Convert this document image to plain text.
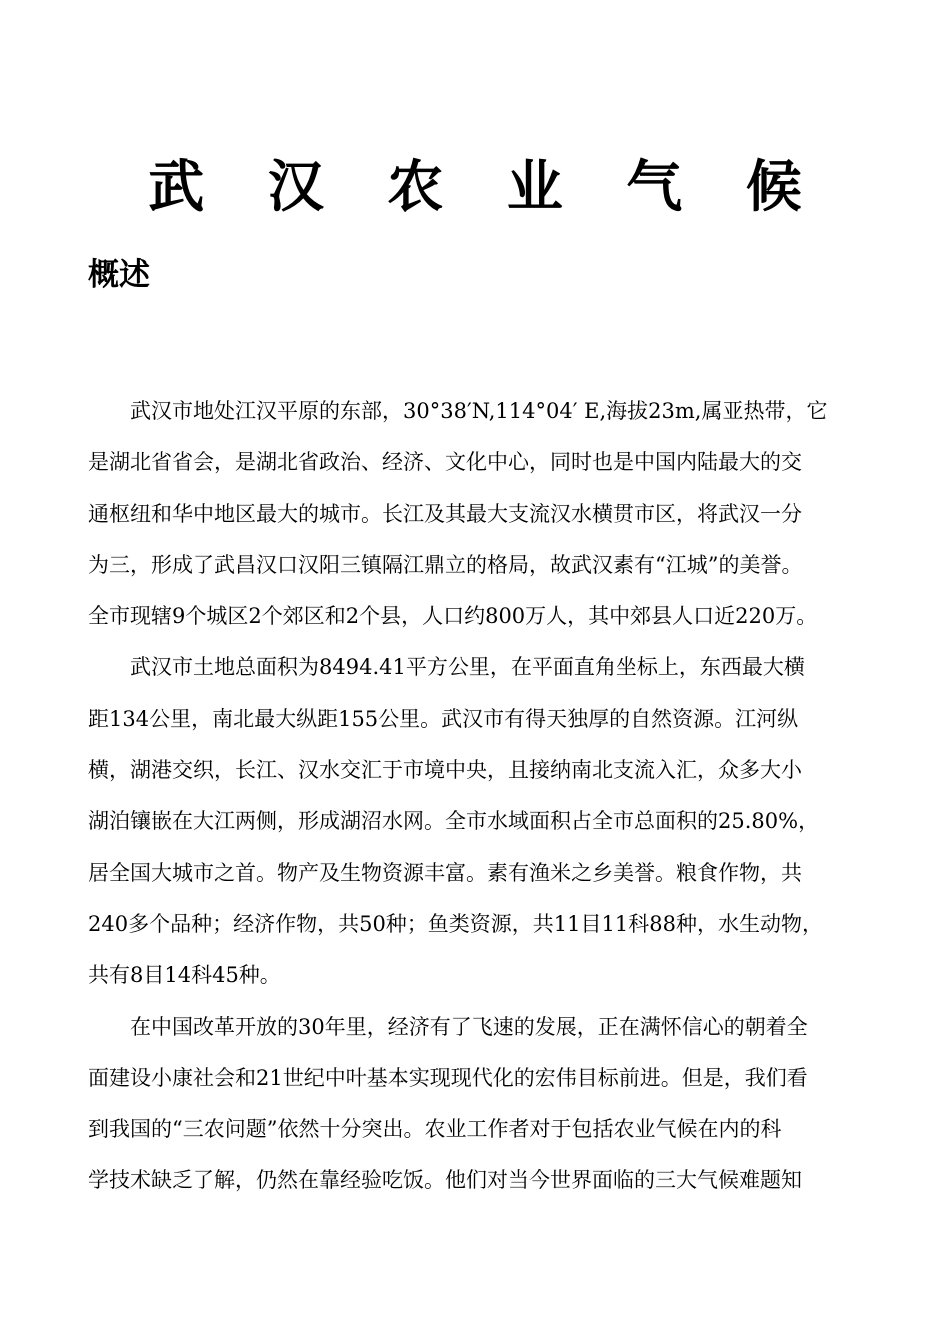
武 汉 农 业 气 候
概述
武汉市地处江汉平原的东部，30°38′N,114°04′ E,海拔23m,属亚热带，它
是湖北省省会，是湖北省政治、经济、文化中心，同时也是中国内陆最大的交
通枢纽和华中地区最大的城市。长江及其最大支流汉水横贯市区，将武汉一分
为三，形成了武昌汉口汉阳三镇隔江鼎立的格局，故武汉素有“江城”的美誉。
全市现辖9个城区2个郊区和2个县，人口约800万人，其中郊县人口近220万。
武汉市土地总面积为8494.41平方公里，在平面直角坐标上，东西最大横
距134公里，南北最大纵距155公里。武汉市有得天独厚的自然资源。江河纵
横，湖港交织，长江、汉水交汇于市境中央，且接纳南北支流入汇，众多大小
湖泊镶嵌在大江两侧，形成湖沼水网。全市水域面积占全市总面积的25.80%，
居全国大城市之首。物产及生物资源丰富。素有渔米之乡美誉。粮食作物，共
240多个品种；经济作物，共50种；鱼类资源，共11目11科88种，水生动物，
共有8目14科45种。
在中国改革开放的30年里，经济有了飞速的发展，正在满怀信心的朝着全
面建设小康社会和21世纪中叶基本实现现代化的宏伟目标前进。但是，我们看
到我国的“三农问题”依然十分突出。农业工作者对于包括农业气候在内的科
学技术缺乏了解，仍然在靠经验吃饭。他们对当今世界面临的三大气候难题知
